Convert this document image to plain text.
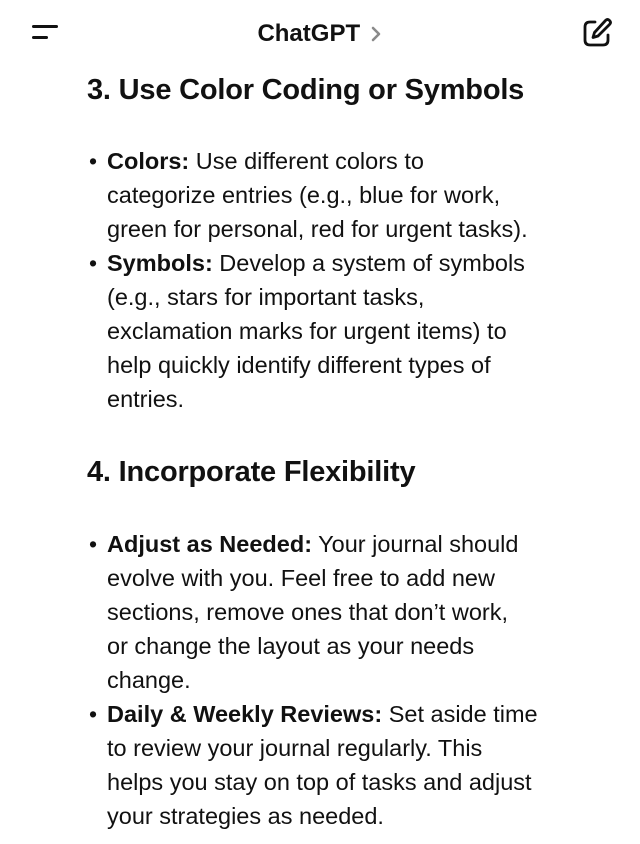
3. Use Color Coding or Symbols
• Colors: Use different colors to
categorize entries (e.g., blue for work,
green for personal, red for urgent tasks).
• Symbols: Develop a system of symbols
(e.g., stars for important tasks,
exclamation marks for urgent items) to
help quickly identify different types of
entries.
4. Incorporate Flexibility
• Adjust as Needed: Your journal should
evolve with you. Feel free to add new
sections, remove ones that don’t work,
or change the layout as your needs
change.
• Daily & Weekly Reviews: Set aside time
to review your journal regularly. This
helps you stay on top of tasks and adjust
your strategies as needed.
ChatGPT
